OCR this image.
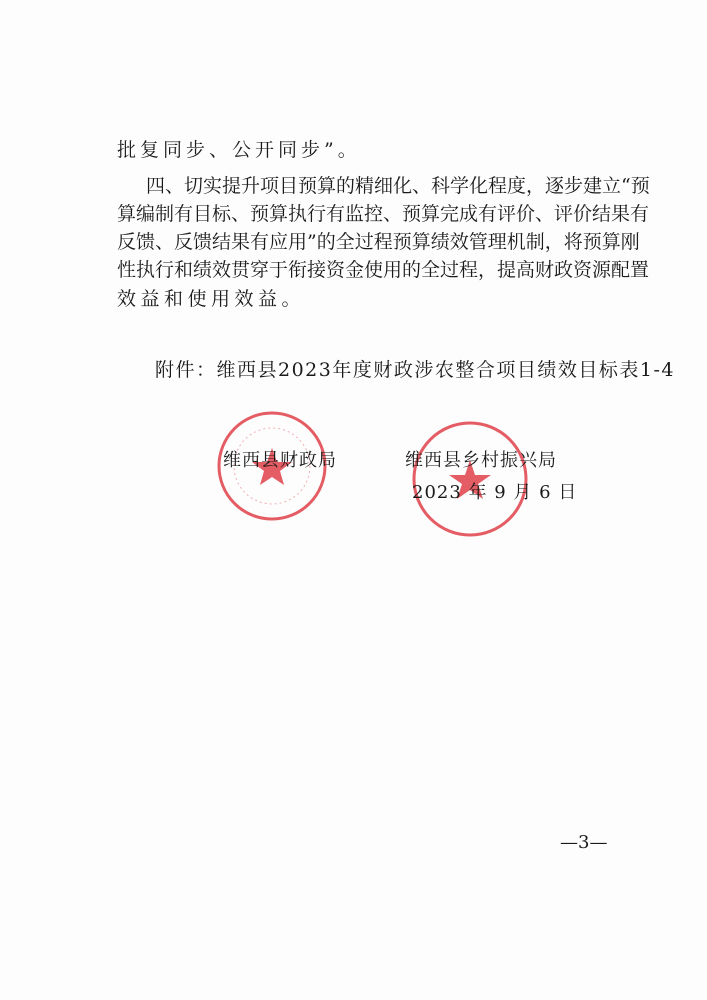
批复同步、公开同步”。
四、切实提升项目预算的精细化、科学化程度，逐步建立“预
算编制有目标、预算执行有监控、预算完成有评价、评价结果有
反馈、反馈结果有应用”的全过程预算绩效管理机制，将预算刚
性执行和绩效贯穿于衔接资金使用的全过程，提高财政资源配置
效益和使用效益。
附件：维西县2023年度财政涉农整合项目绩效目标表1-4
维西县财政局	维西县乡村振兴局
2023 年 9 月 6 日
—3—
